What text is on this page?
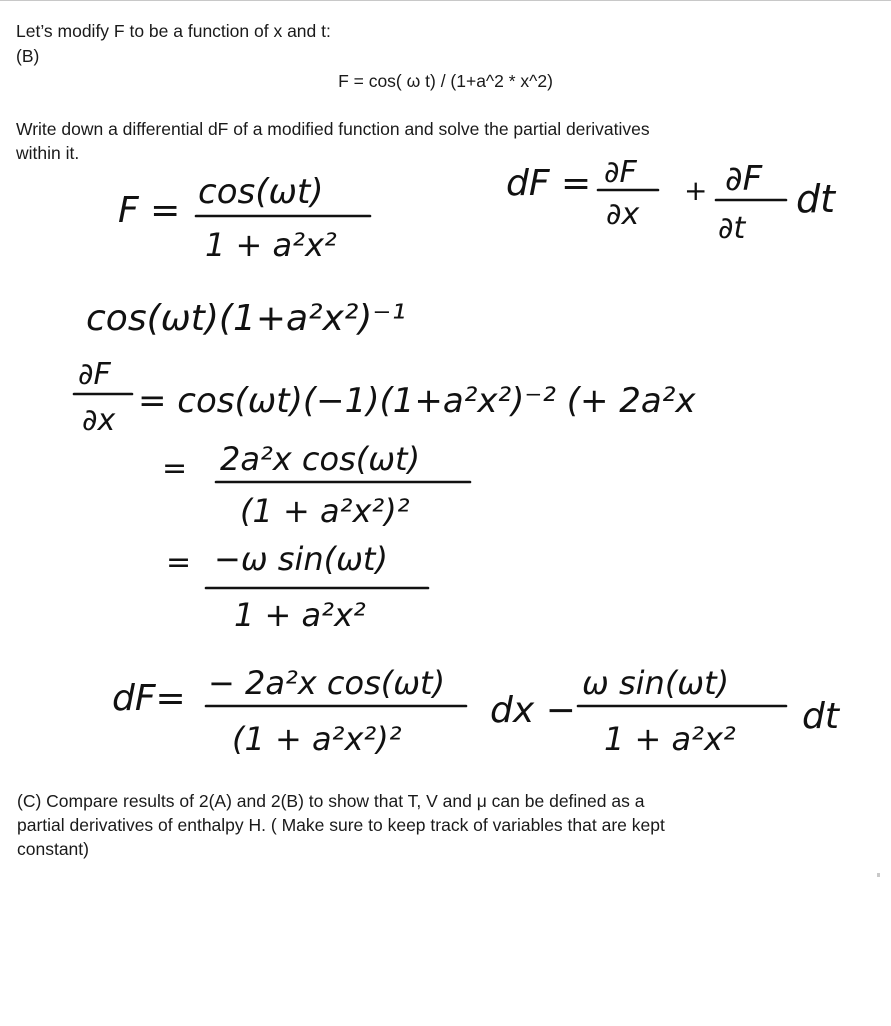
Let’s modify F to be a function of x and t:
(B)
F = cos( ω t) / (1+a^2 * x^2)
Write down a differential dF of a modified function and solve the partial derivatives
within it.
F = cos(ωt)
1 + a²x²
dF = ∂F
∂x
+ ∂F
∂t
dt
cos(ωt)(1+a²x²)⁻¹
∂F
∂x = cos(ωt)(−1)(1+a²x²)⁻² (+ 2a²x
= 2a²x cos(ωt)
(1 + a²x²)²
= −ω sin(ωt)
1 + a²x²
dF= − 2a²x cos(ωt)
(1 + a²x²)²
dx −
ω sin(ωt)
1 + a²x²
dt
(C) Compare results of 2(A) and 2(B) to show that T, V and μ can be defined as a
partial derivatives of enthalpy H. ( Make sure to keep track of variables that are kept
constant)
